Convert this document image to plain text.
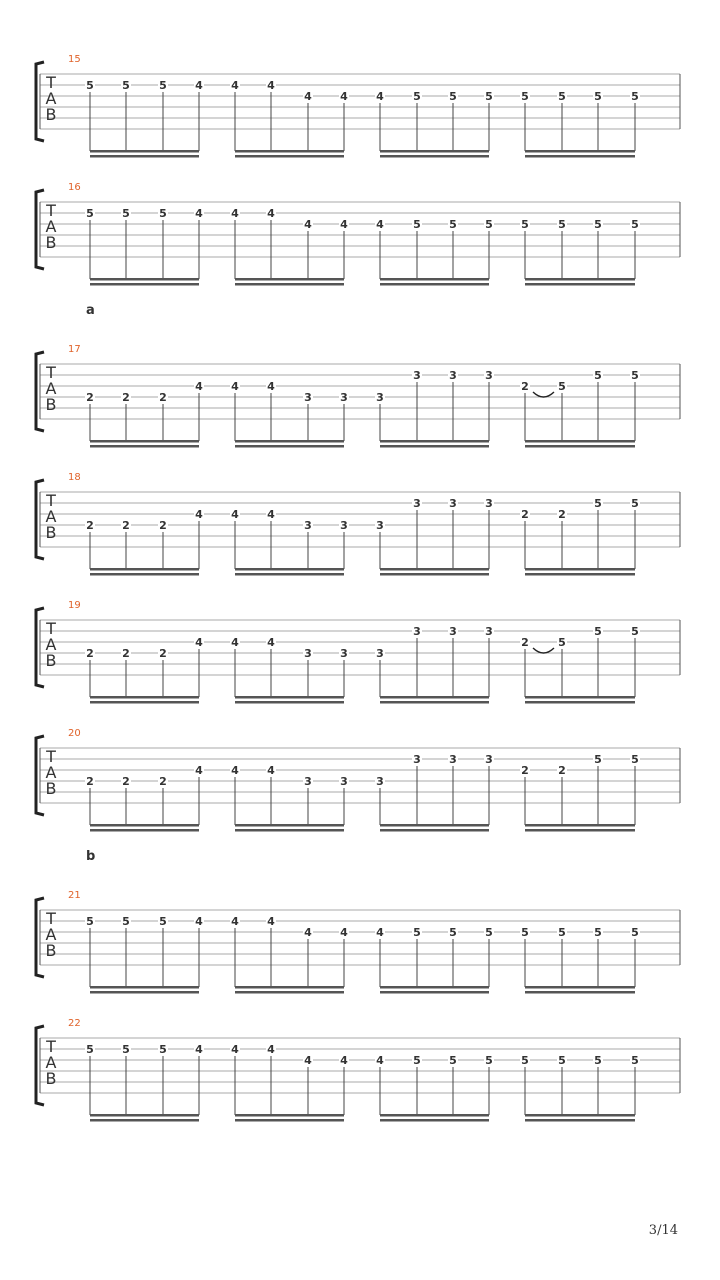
15
T
A
B
5	5	5	4	4	4
4	4	4	5	5	5	5	5	5	5
16
T
A
B
5	5	5	4	4	4
4	4	4	5	5	5	5	5	5	5
17
a
T
A
B	2	2	2
4	4	4
3	3	3
3	3	3
2	5
5	5
18
T
A
B	2	2	2
4	4	4
3	3	3
3	3	3
2	2
5	5
19
T
A
B	2	2	2
4	4	4
3	3	3
3	3	3
2	5
5	5
20
T
A
B	2	2	2
4	4	4
3	3	3
3	3	3
2	2
5	5
21
b
T
A
B
5	5	5	4	4	4
4	4	4	5	5	5	5	5	5	5
22
T
A
B
5	5	5	4	4	4
4	4	4	5	5	5	5	5	5	5
3/14
